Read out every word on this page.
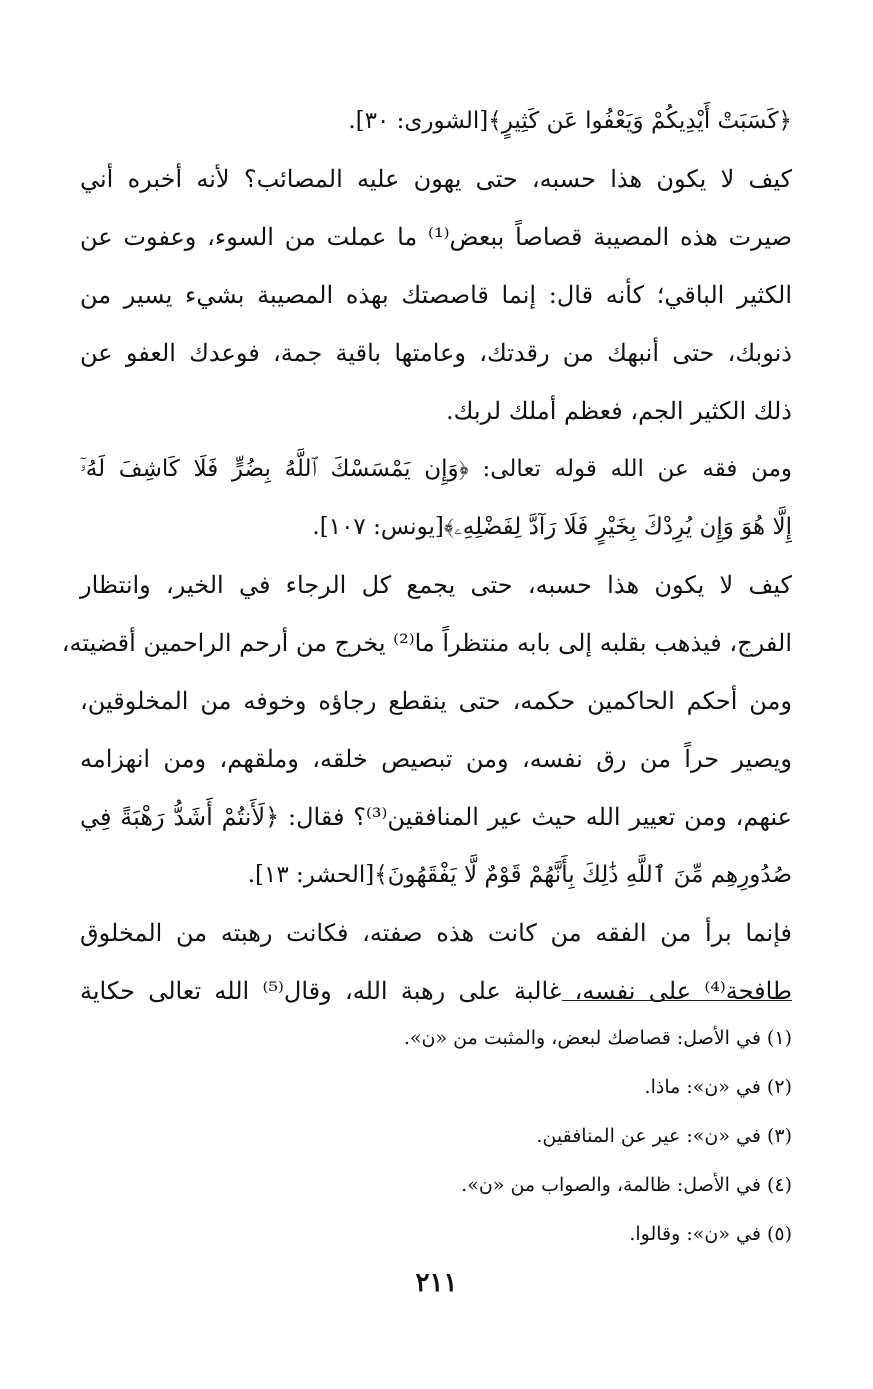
﴿كَسَبَتْ أَيْدِيكُمْ وَيَعْفُوا عَن كَثِيرٍ﴾[الشورى: ٣٠].
كيف لا يكون هذا حسبه، حتى يهون عليه المصائب؟ لأنه أخبره أني
صيرت هذه المصيبة قصاصاً ببعض⁽¹⁾ ما عملت من السوء، وعفوت عن
الكثير الباقي؛ كأنه قال: إنما قاصصتك بهذه المصيبة بشيء يسير من
ذنوبك، حتى أنبهك من رقدتك، وعامتها باقية جمة، فوعدك العفو عن
ذلك الكثير الجم، فعظم أملك لربك.
ومن فقه عن الله قوله تعالى: ﴿وَإِن يَمْسَسْكَ ٱللَّهُ بِضُرٍّ فَلَا كَاشِفَ لَهُۥٓ
إِلَّا هُوَ وَإِن يُرِدْكَ بِخَيْرٍ فَلَا رَآدَّ لِفَضْلِهِۦ﴾[يونس: ١٠٧].
كيف لا يكون هذا حسبه، حتى يجمع كل الرجاء في الخير، وانتظار
الفرج، فيذهب بقلبه إلى بابه منتظراً ما⁽²⁾ يخرج من أرحم الراحمين أقضيته،
ومن أحكم الحاكمين حكمه، حتى ينقطع رجاؤه وخوفه من المخلوقين،
ويصير حراً من رق نفسه، ومن تبصيص خلقه، وملقهم، ومن انهزامه
عنهم، ومن تعيير الله حيث عير المنافقين⁽³⁾؟ فقال: ﴿لَأَنتُمْ أَشَدُّ رَهْبَةً فِي
صُدُورِهِم مِّنَ ٱللَّهِ ذَٰلِكَ بِأَنَّهُمْ قَوْمٌ لَّا يَفْقَهُونَ﴾[الحشر: ١٣].
فإنما برأ من الفقه من كانت هذه صفته، فكانت رهبته من المخلوق
طافحة⁽⁴⁾ على نفسه، غالبة على رهبة الله، وقال⁽⁵⁾ الله تعالى حكاية
(١) في الأصل: قصاصك لبعض، والمثبت من «ن».
(٢) في «ن»: ماذا.
(٣) في «ن»: عير عن المنافقين.
(٤) في الأصل: ظالمة، والصواب من «ن».
(٥) في «ن»: وقالوا.
٢١١
